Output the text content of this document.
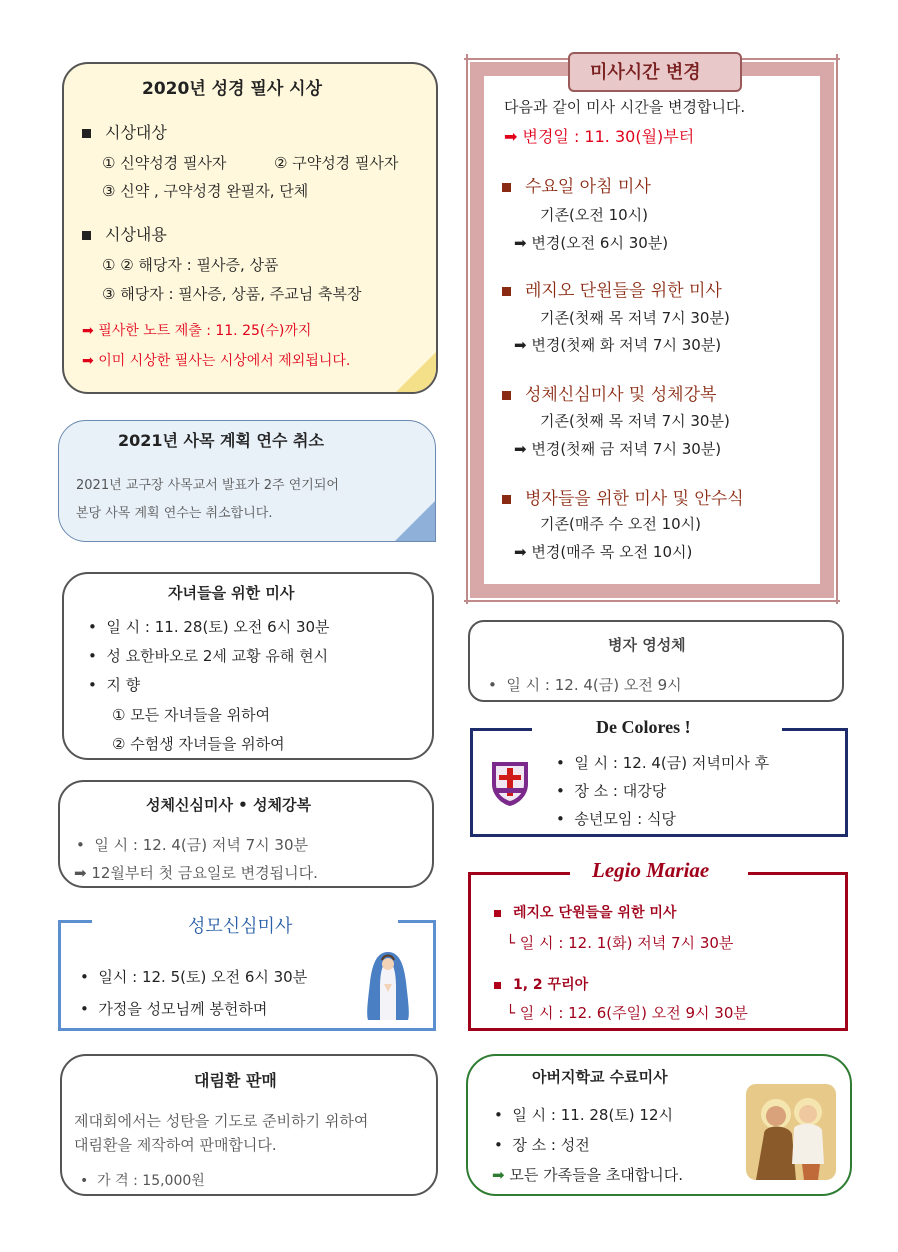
2020년 성경 필사 시상
시상대상
① 신약성경 필사자	② 구약성경 필사자
③ 신약 , 구약성경 완필자, 단체
시상내용
① ② 해당자 : 필사증, 상품
③ 해당자 : 필사증, 상품, 주교님 축복장
➡ 필사한 노트 제출 : 11. 25(수)까지
➡ 이미 시상한 필사는 시상에서 제외됩니다.
2021년 사목 계획 연수 취소
2021년 교구장 사목교서 발표가 2주 연기되어
본당 사목 계획 연수는 취소합니다.
자녀들을 위한 미사
•  일 시 : 11. 28(토) 오전 6시 30분
•  성 요한바오로 2세 교황 유해 현시
•  지 향
① 모든 자녀들을 위하여
② 수험생 자녀들을 위하여
성체신심미사 • 성체강복
•  일 시 : 12. 4(금) 저녁 7시 30분
➡ 12월부터 첫 금요일로 변경됩니다.
성모신심미사
•  일시 : 12. 5(토) 오전 6시 30분
•  가정을 성모님께 봉헌하며
대림환 판매
제대회에서는 성탄을 기도로 준비하기 위하여
대림환을 제작하여 판매합니다.
•  가 격 : 15,000원
미사시간 변경
다음과 같이 미사 시간을 변경합니다.
➡ 변경일 : 11. 30(월)부터
수요일 아침 미사
기존(오전 10시)
➡ 변경(오전 6시 30분)
레지오 단원들을 위한 미사
기존(첫째 목 저녁 7시 30분)
➡ 변경(첫째 화 저녁 7시 30분)
성체신심미사 및 성체강복
기존(첫째 목 저녁 7시 30분)
➡ 변경(첫째 금 저녁 7시 30분)
병자들을 위한 미사 및 안수식
기존(매주 수 오전 10시)
➡ 변경(매주 목 오전 10시)
병자 영성체
•  일 시 : 12. 4(금) 오전 9시
De Colores !
•  일 시 : 12. 4(금) 저녁미사 후
•  장 소 : 대강당
•  송년모임 : 식당
Legio Mariae
레지오 단원들을 위한 미사
└ 일 시 : 12. 1(화) 저녁 7시 30분
1, 2 꾸리아
└ 일 시 : 12. 6(주일) 오전 9시 30분
아버지학교 수료미사
•  일 시 : 11. 28(토) 12시
•  장 소 : 성전
➡ 모든 가족들을 초대합니다.
